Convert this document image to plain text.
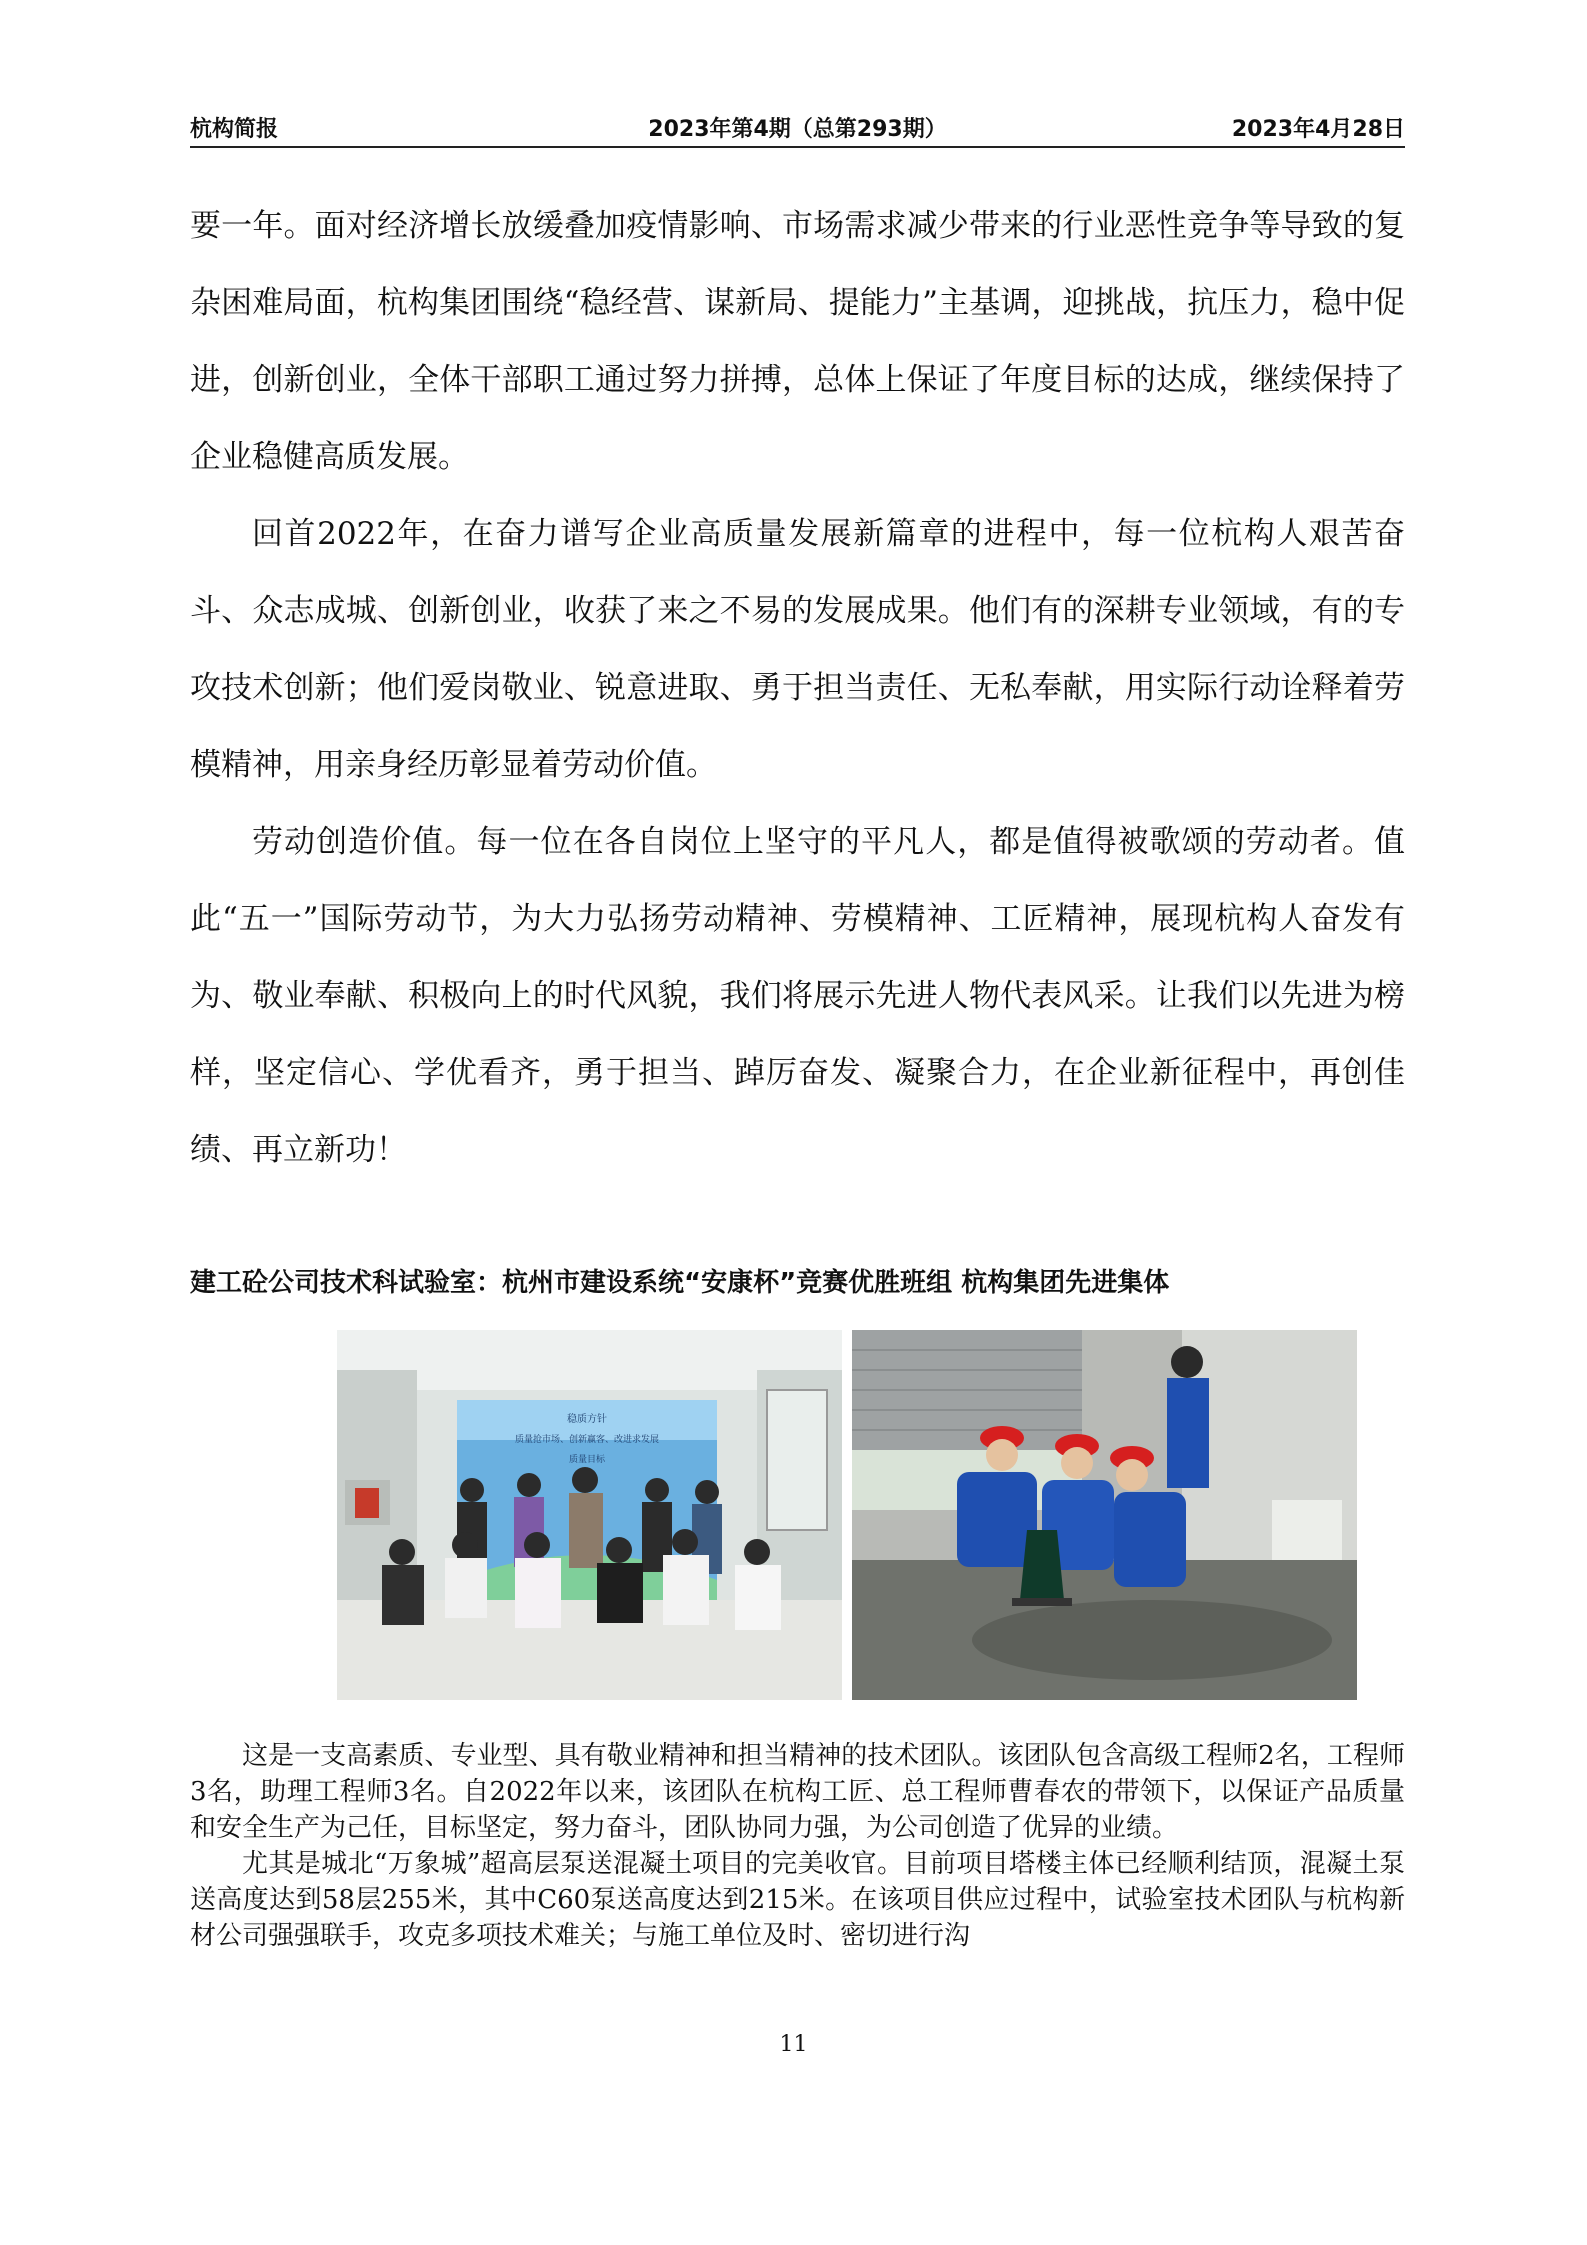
杭构简报	2023年第4期（总第293期）	2023年4月28日

要一年。面对经济增长放缓叠加疫情影响、市场需求减少带来的行业恶性竞争等导致的复杂困难局面，杭构集团围绕“稳经营、谋新局、提能力”主基调，迎挑战，抗压力，稳中促进，创新创业，全体干部职工通过努力拼搏，总体上保证了年度目标的达成，继续保持了企业稳健高质发展。

回首2022年，在奋力谱写企业高质量发展新篇章的进程中，每一位杭构人艰苦奋斗、众志成城、创新创业，收获了来之不易的发展成果。他们有的深耕专业领域，有的专攻技术创新；他们爱岗敬业、锐意进取、勇于担当责任、无私奉献，用实际行动诠释着劳模精神，用亲身经历彰显着劳动价值。

劳动创造价值。每一位在各自岗位上坚守的平凡人，都是值得被歌颂的劳动者。值此“五一”国际劳动节，为大力弘扬劳动精神、劳模精神、工匠精神，展现杭构人奋发有为、敬业奉献、积极向上的时代风貌，我们将展示先进人物代表风采。让我们以先进为榜样，坚定信心、学优看齐，勇于担当、踔厉奋发、凝聚合力，在企业新征程中，再创佳绩、再立新功！

建工砼公司技术科试验室：杭州市建设系统“安康杯”竞赛优胜班组 杭构集团先进集体
稳质方针
质量抢市场、创新赢客、改进求发展
质量目标

这是一支高素质、专业型、具有敬业精神和担当精神的技术团队。该团队包含高级工程师2名，工程师3名，助理工程师3名。自2022年以来，该团队在杭构工匠、总工程师曹春农的带领下，以保证产品质量和安全生产为己任，目标坚定，努力奋斗，团队协同力强，为公司创造了优异的业绩。

尤其是城北“万象城”超高层泵送混凝土项目的完美收官。目前项目塔楼主体已经顺利结顶，混凝土泵送高度达到58层255米，其中C60泵送高度达到215米。在该项目供应过程中，试验室技术团队与杭构新材公司强强联手，攻克多项技术难关；与施工单位及时、密切进行沟

11
